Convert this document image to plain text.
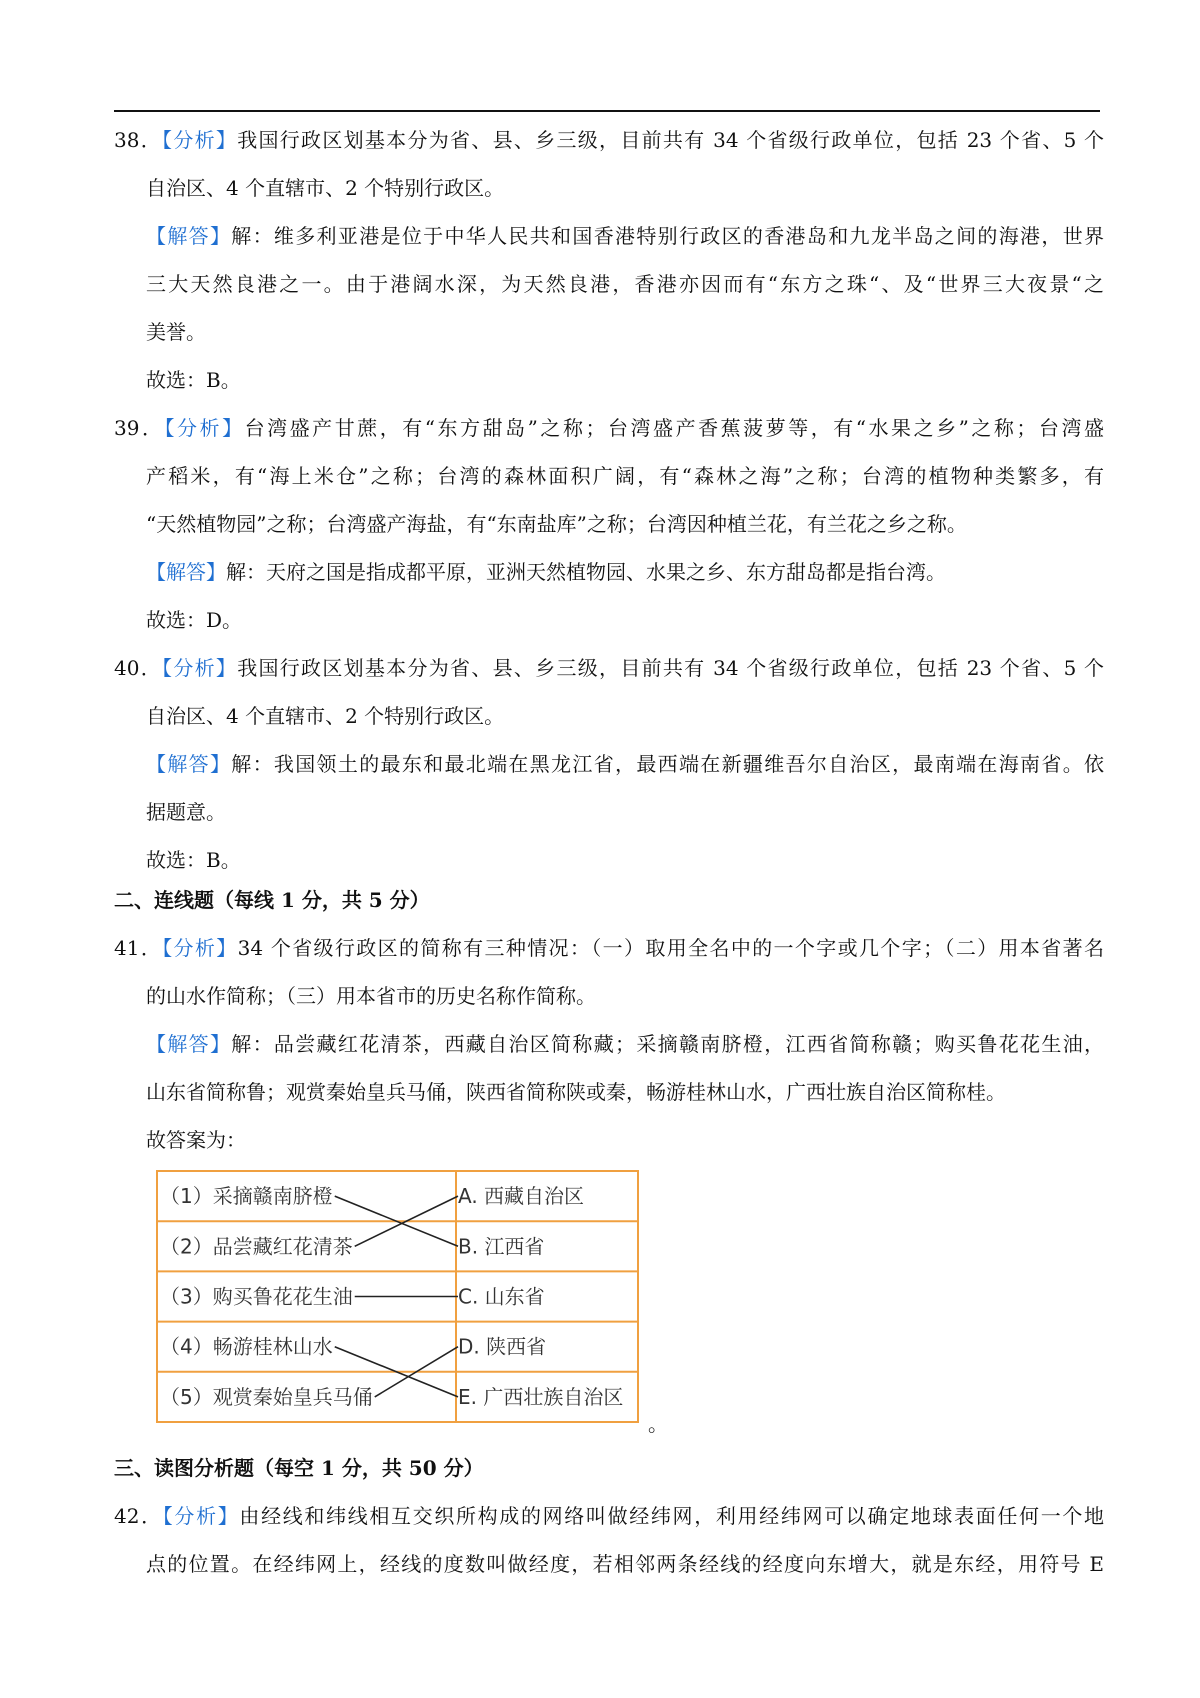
38．【分析】我国行政区划基本分为省、县、乡三级，目前共有 34 个省级行政单位，包括 23 个省、5 个
自治区、4 个直辖市、2 个特别行政区。
【解答】解：维多利亚港是位于中华人民共和国香港特别行政区的香港岛和九龙半岛之间的海港，世界
三大天然良港之一。由于港阔水深，为天然良港，香港亦因而有“东方之珠“、及“世界三大夜景“之
美誉。
故选：B。
39．【分析】台湾盛产甘蔗，有“东方甜岛”之称；台湾盛产香蕉菠萝等，有“水果之乡”之称；台湾盛
产稻米，有“海上米仓”之称；台湾的森林面积广阔，有“森林之海”之称；台湾的植物种类繁多，有
“天然植物园”之称；台湾盛产海盐，有“东南盐库”之称；台湾因种植兰花，有兰花之乡之称。
【解答】解：天府之国是指成都平原，亚洲天然植物园、水果之乡、东方甜岛都是指台湾。
故选：D。
40．【分析】我国行政区划基本分为省、县、乡三级，目前共有 34 个省级行政单位，包括 23 个省、5 个
自治区、4 个直辖市、2 个特别行政区。
【解答】解：我国领土的最东和最北端在黑龙江省，最西端在新疆维吾尔自治区，最南端在海南省。依
据题意。
故选：B。
二、连线题（每线 1 分，共 5 分）
41．【分析】34 个省级行政区的简称有三种情况：（一）取用全名中的一个字或几个字；（二）用本省著名
的山水作简称；（三）用本省市的历史名称作简称。
【解答】解：品尝藏红花清茶，西藏自治区简称藏；采摘赣南脐橙，江西省简称赣；购买鲁花花生油，
山东省简称鲁；观赏秦始皇兵马俑，陕西省简称陕或秦，畅游桂林山水，广西壮族自治区简称桂。
故答案为：
（1）采摘赣南脐橙
（2）品尝藏红花清茶
（3）购买鲁花花生油
（4）畅游桂林山水
（5）观赏秦始皇兵马俑
A. 西藏自治区
B. 江西省
C. 山东省
D. 陕西省
E. 广西壮族自治区
。
三、读图分析题（每空 1 分，共 50 分）
42．【分析】由经线和纬线相互交织所构成的网络叫做经纬网，利用经纬网可以确定地球表面任何一个地
点的位置。在经纬网上，经线的度数叫做经度，若相邻两条经线的经度向东增大，就是东经，用符号 E
